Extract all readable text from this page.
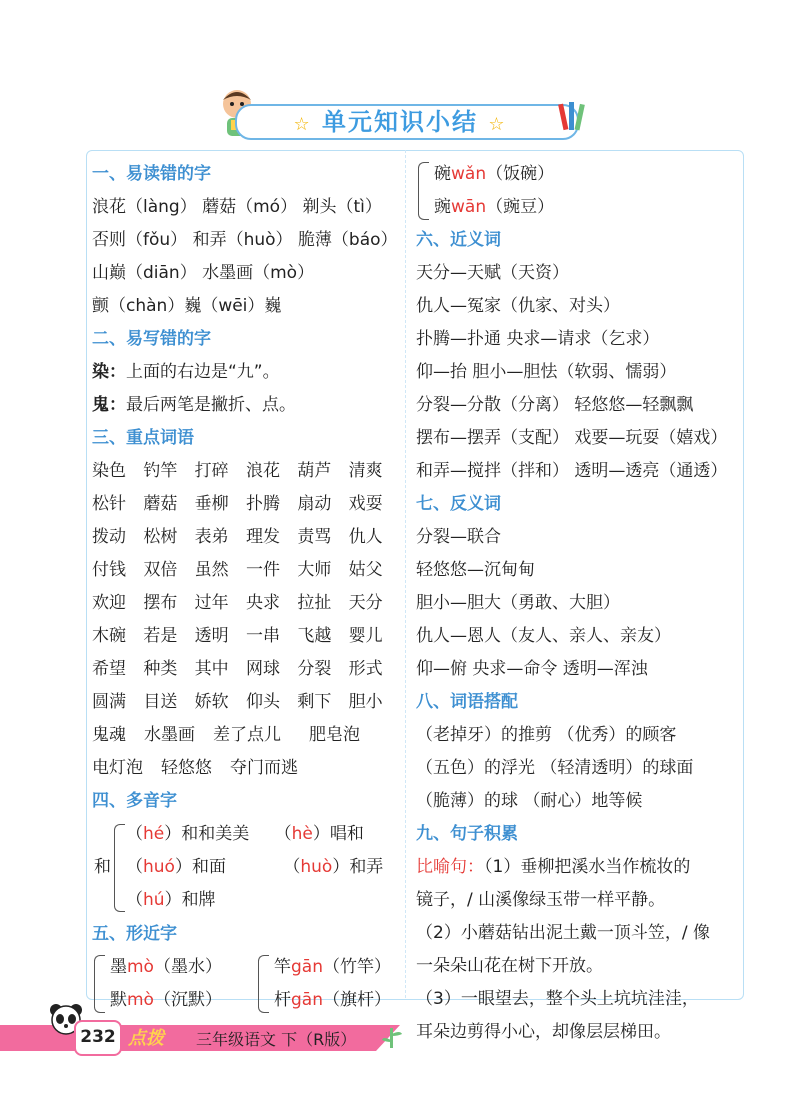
☆ 单元知识小结 ☆
一、易读错的字
浪花（làng） 蘑菇（mó） 剃头（tì）
否则（fǒu） 和弄（huò） 脆薄（báo）
山巅（diān） 水墨画（mò）
颤（chàn）巍（wēi）巍
二、易写错的字
染：上面的右边是“九”。
鬼：最后两笔是撇折、点。
三、重点词语
染色	钓竿	打碎	浪花	葫芦	清爽
松针	蘑菇	垂柳	扑腾	扇动	戏耍
拨动	松树	表弟	理发	责骂	仇人
付钱	双倍	虽然	一件	大师	姑父
欢迎	摆布	过年	央求	拉扯	天分
木碗	若是	透明	一串	飞越	婴儿
希望	种类	其中	网球	分裂	形式
圆满	目送	娇软	仰头	剩下	胆小
鬼魂 水墨画 差了点儿 肥皂泡
电灯泡 轻悠悠 夺门而逃
四、多音字
和
（hé）和和美美 （hè）唱和
（huó）和面	（huò）和弄
（hú）和牌
五、形近字
墨mò（墨水）
默mò（沉默）
竿gān（竹竿）
杆gān（旗杆）
碗wǎn（饭碗）
豌wān（豌豆）
六、近义词
天分—天赋（天资）
仇人—冤家（仇家、对头）
扑腾—扑通 央求—请求（乞求）
仰—抬 胆小—胆怯（软弱、懦弱）
分裂—分散（分离） 轻悠悠—轻飘飘
摆布—摆弄（支配） 戏要—玩耍（嬉戏）
和弄—搅拌（拌和） 透明—透亮（通透）
七、反义词
分裂—联合
轻悠悠—沉甸甸
胆小—胆大（勇敢、大胆）
仇人—恩人（友人、亲人、亲友）
仰—俯 央求—命令 透明—浑浊
八、词语搭配
（老掉牙）的推剪 （优秀）的顾客
（五色）的浮光 （轻清透明）的球面
（脆薄）的球 （耐心）地等候
九、句子积累
比喻句：（1）垂柳把溪水当作梳妆的
镜子，/ 山溪像绿玉带一样平静。
（2）小蘑菇钻出泥土戴一顶斗笠，/ 像
一朵朵山花在树下开放。
（3）一眼望去，整个头上坑坑洼洼，
耳朵边剪得小心，却像层层梯田。
232 点拨 三年级语文 下（R版）
